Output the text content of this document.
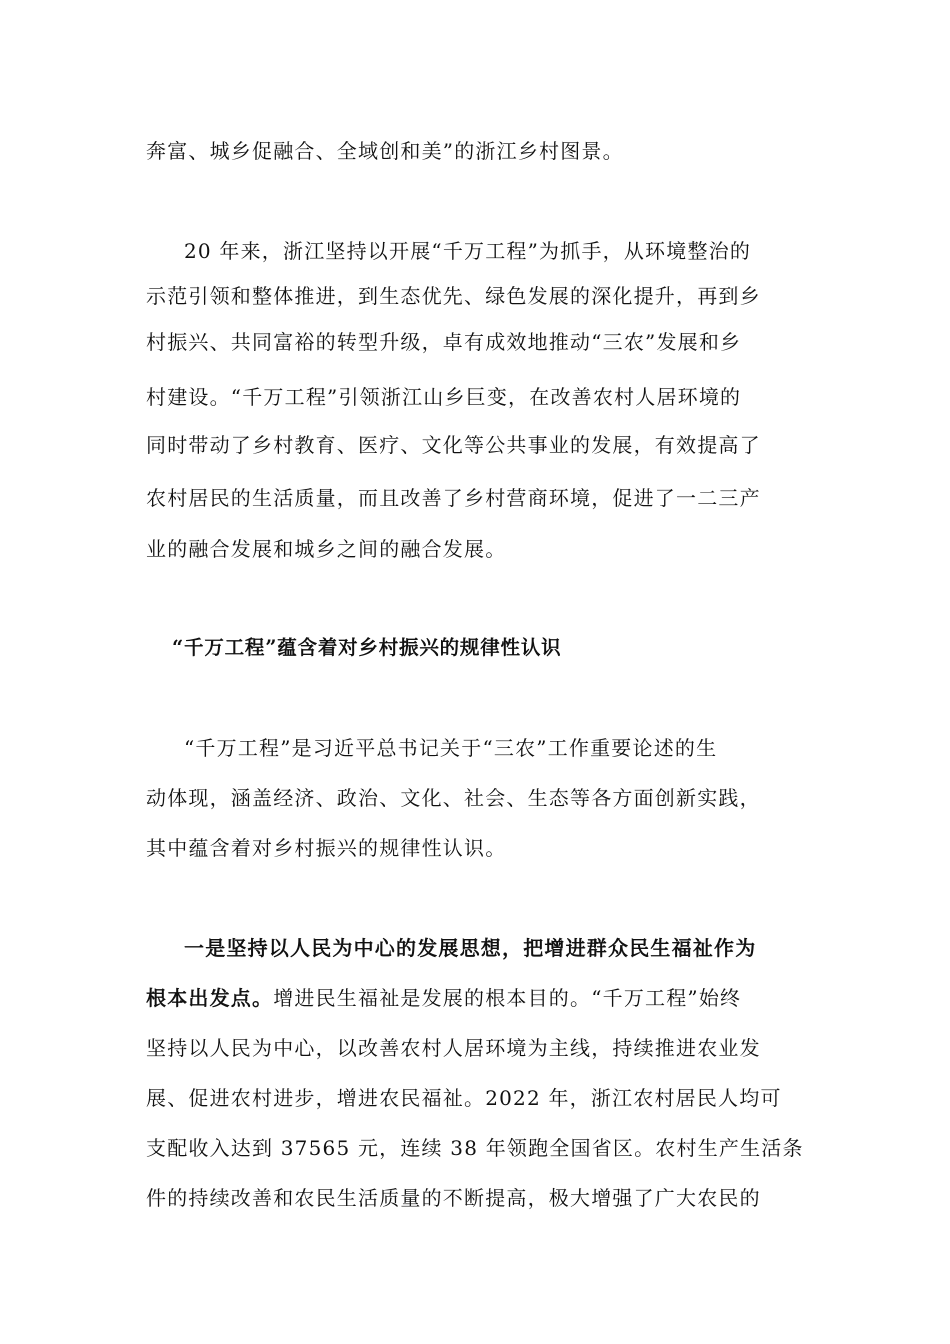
奔富、城乡促融合、全域创和美”的浙江乡村图景。
20 年来，浙江坚持以开展“千万工程”为抓手，从环境整治的
示范引领和整体推进，到生态优先、绿色发展的深化提升，再到乡
村振兴、共同富裕的转型升级，卓有成效地推动“三农”发展和乡
村建设。“千万工程”引领浙江山乡巨变，在改善农村人居环境的
同时带动了乡村教育、医疗、文化等公共事业的发展，有效提高了
农村居民的生活质量，而且改善了乡村营商环境，促进了一二三产
业的融合发展和城乡之间的融合发展。
“千万工程”蕴含着对乡村振兴的规律性认识
“千万工程”是习近平总书记关于“三农”工作重要论述的生
动体现，涵盖经济、政治、文化、社会、生态等各方面创新实践，
其中蕴含着对乡村振兴的规律性认识。
一是坚持以人民为中心的发展思想，把增进群众民生福祉作为
根本出发点。增进民生福祉是发展的根本目的。“千万工程”始终
坚持以人民为中心，以改善农村人居环境为主线，持续推进农业发
展、促进农村进步，增进农民福祉。2022 年，浙江农村居民人均可
支配收入达到 37565 元，连续 38 年领跑全国省区。农村生产生活条
件的持续改善和农民生活质量的不断提高，极大增强了广大农民的
